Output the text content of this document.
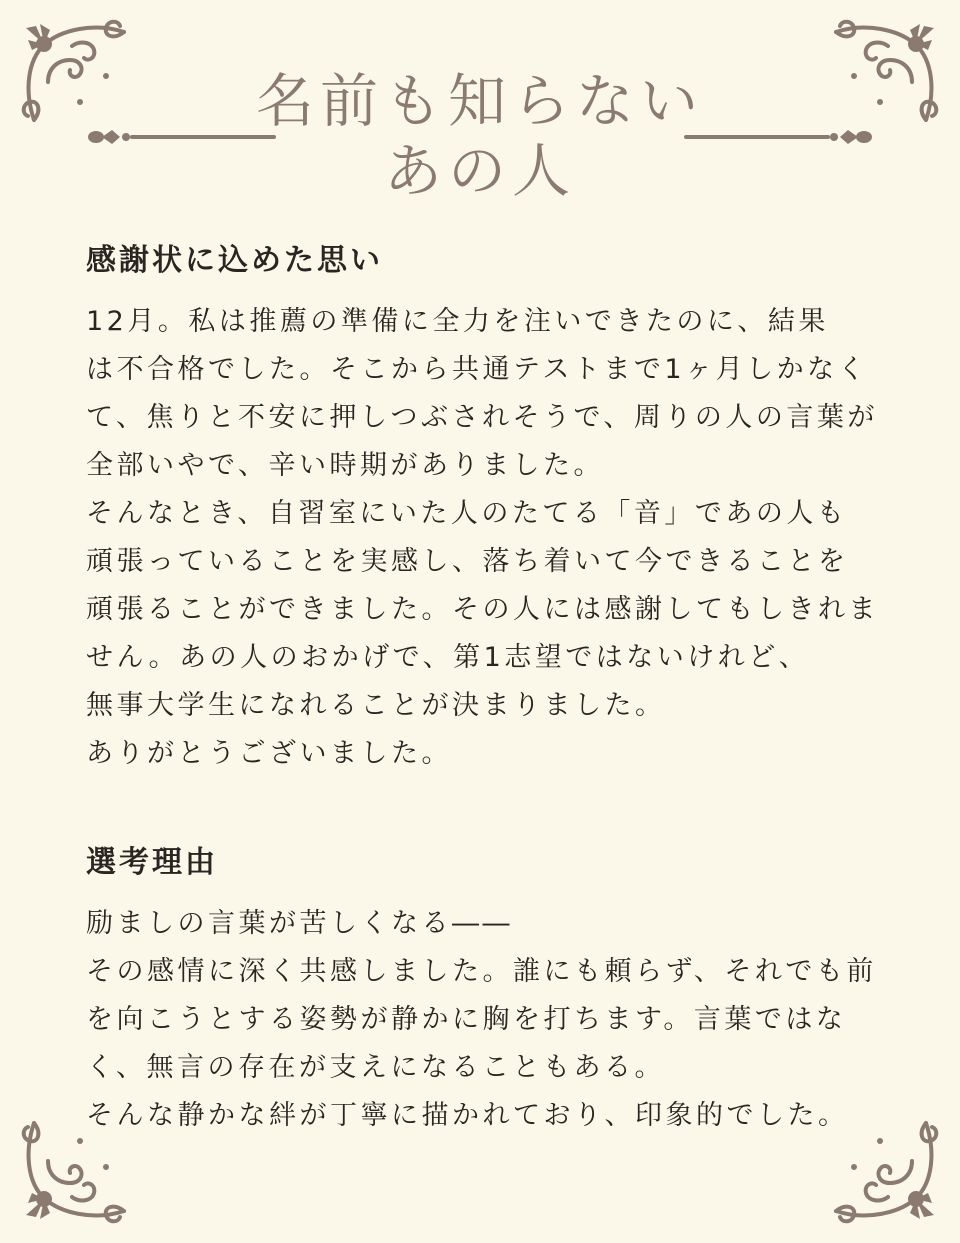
名前も知らない
あの人
感謝状に込めた思い

12月。私は推薦の準備に全力を注いできたのに、結果

は不合格でした。そこから共通テストまで1ヶ月しかなく

て、焦りと不安に押しつぶされそうで、周りの人の言葉が

全部いやで、辛い時期がありました。

そんなとき、自習室にいた人のたてる「音」であの人も

頑張っていることを実感し、落ち着いて今できることを

頑張ることができました。その人には感謝してもしきれま

せん。あの人のおかげで、第1志望ではないけれど、

無事大学生になれることが決まりました。

ありがとうございました。

選考理由

励ましの言葉が苦しくなる――

その感情に深く共感しました。誰にも頼らず、それでも前

を向こうとする姿勢が静かに胸を打ちます。言葉ではな

く、無言の存在が支えになることもある。

そんな静かな絆が丁寧に描かれており、印象的でした。
